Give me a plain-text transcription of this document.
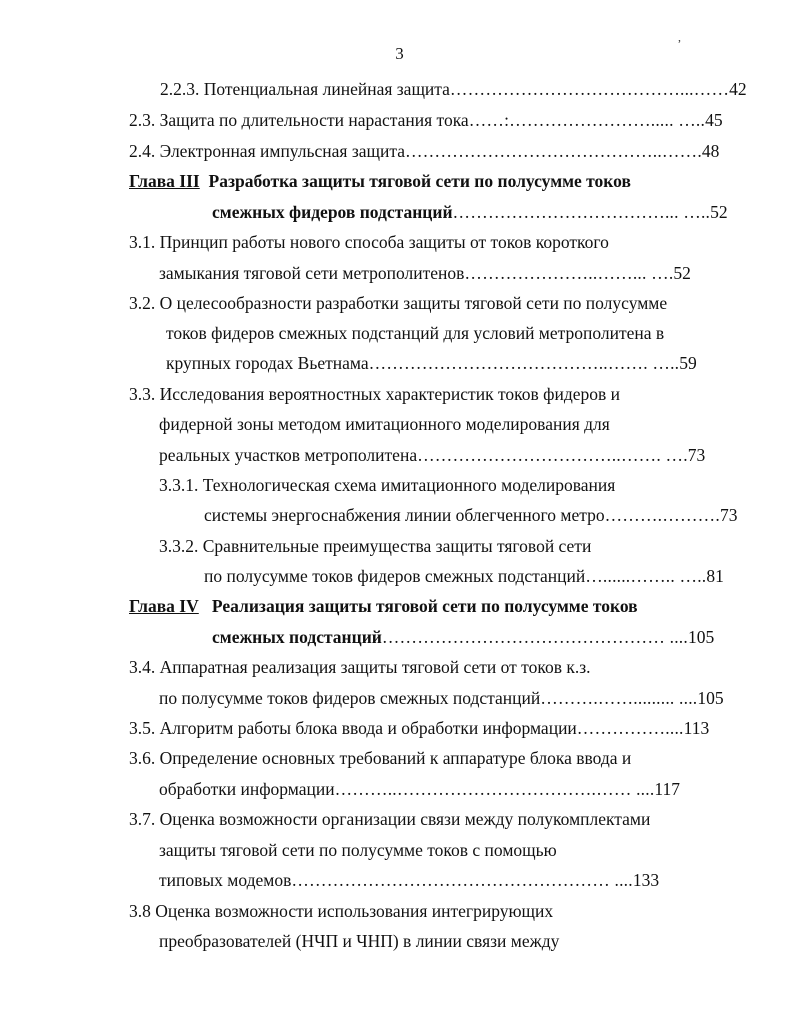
3
,
2.2.3. Потенциальная линейная защита…………………………………...……42
2.3. Защита по длительности нарастания тока……:……………………..... …..45
2.4. Электронная импульсная защита……………………………………..…….48
Глава III Разработка защиты тяговой сети по полусумме токов
смежных фидеров подстанций………………………………... …..52
3.1. Принцип работы нового способа защиты от токов короткого
замыкания тяговой сети метрополитенов…………………..……... ….52
3.2. О целесообразности разработки защиты тяговой сети по полусумме
токов фидеров смежных подстанций для условий метрополитена в
крупных городах Вьетнама…………………………………..……. …..59
3.3. Исследования вероятностных характеристик токов фидеров и
фидерной зоны методом имитационного моделирования для
реальных участков метрополитена……………………………..……. ….73
3.3.1. Технологическая схема имитационного моделирования
системы энергоснабжения линии облегченного метро……….……….73
3.3.2. Сравнительные преимущества защиты тяговой сети
по полусумме токов фидеров смежных подстанций…......…….. …..81
Глава IV Реализация защиты тяговой сети по полусумме токов
смежных подстанций………………………………………… ....105
3.4. Аппаратная реализация защиты тяговой сети от токов к.з.
по полусумме токов фидеров смежных подстанций……….……......... ....105
3.5. Алгоритм работы блока ввода и обработки информации……………....113
3.6. Определение основных требований к аппаратуре блока ввода и
обработки информации………..…………………………….…… ....117
3.7. Оценка возможности организации связи между полукомплектами
защиты тяговой сети по полусумме токов с помощью
типовых модемов……………………………………………… ....133
3.8 Оценка возможности использования интегрирующих
преобразователей (НЧП и ЧНП) в линии связи между
